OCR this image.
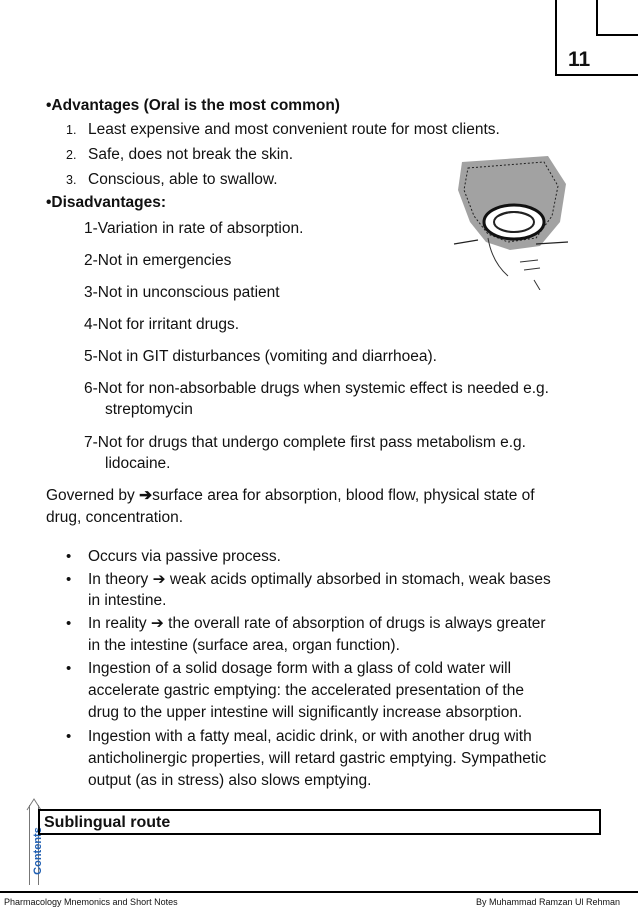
11
•Advantages (Oral is the most common)
1. Least expensive and most convenient route for most clients.
2. Safe, does not break the skin.
3. Conscious, able to swallow.
•Disadvantages:
1-Variation in rate of absorption.
2-Not in emergencies
3-Not in unconscious patient
4-Not for irritant drugs.
5-Not in GIT disturbances (vomiting and diarrhoea).
6-Not for non-absorbable drugs when systemic effect is needed e.g.
streptomycin
7-Not for drugs that undergo complete first pass metabolism e.g.
lidocaine.
Governed by ➔surface area for absorption, blood flow, physical state of
drug, concentration.
• Occurs via passive process.
• In theory ➔ weak acids optimally absorbed in stomach, weak bases
in intestine.
• In reality ➔ the overall rate of absorption of drugs is always greater
in the intestine (surface area, organ function).
• Ingestion of a solid dosage form with a glass of cold water will
accelerate gastric emptying: the accelerated presentation of the
drug to the upper intestine will significantly increase absorption.
• Ingestion with a fatty meal, acidic drink, or with another drug with
anticholinergic properties, will retard gastric emptying. Sympathetic
output (as in stress) also slows emptying.
Contents
Sublingual route
Pharmacology Mnemonics and Short Notes	By Muhammad Ramzan Ul Rehman
